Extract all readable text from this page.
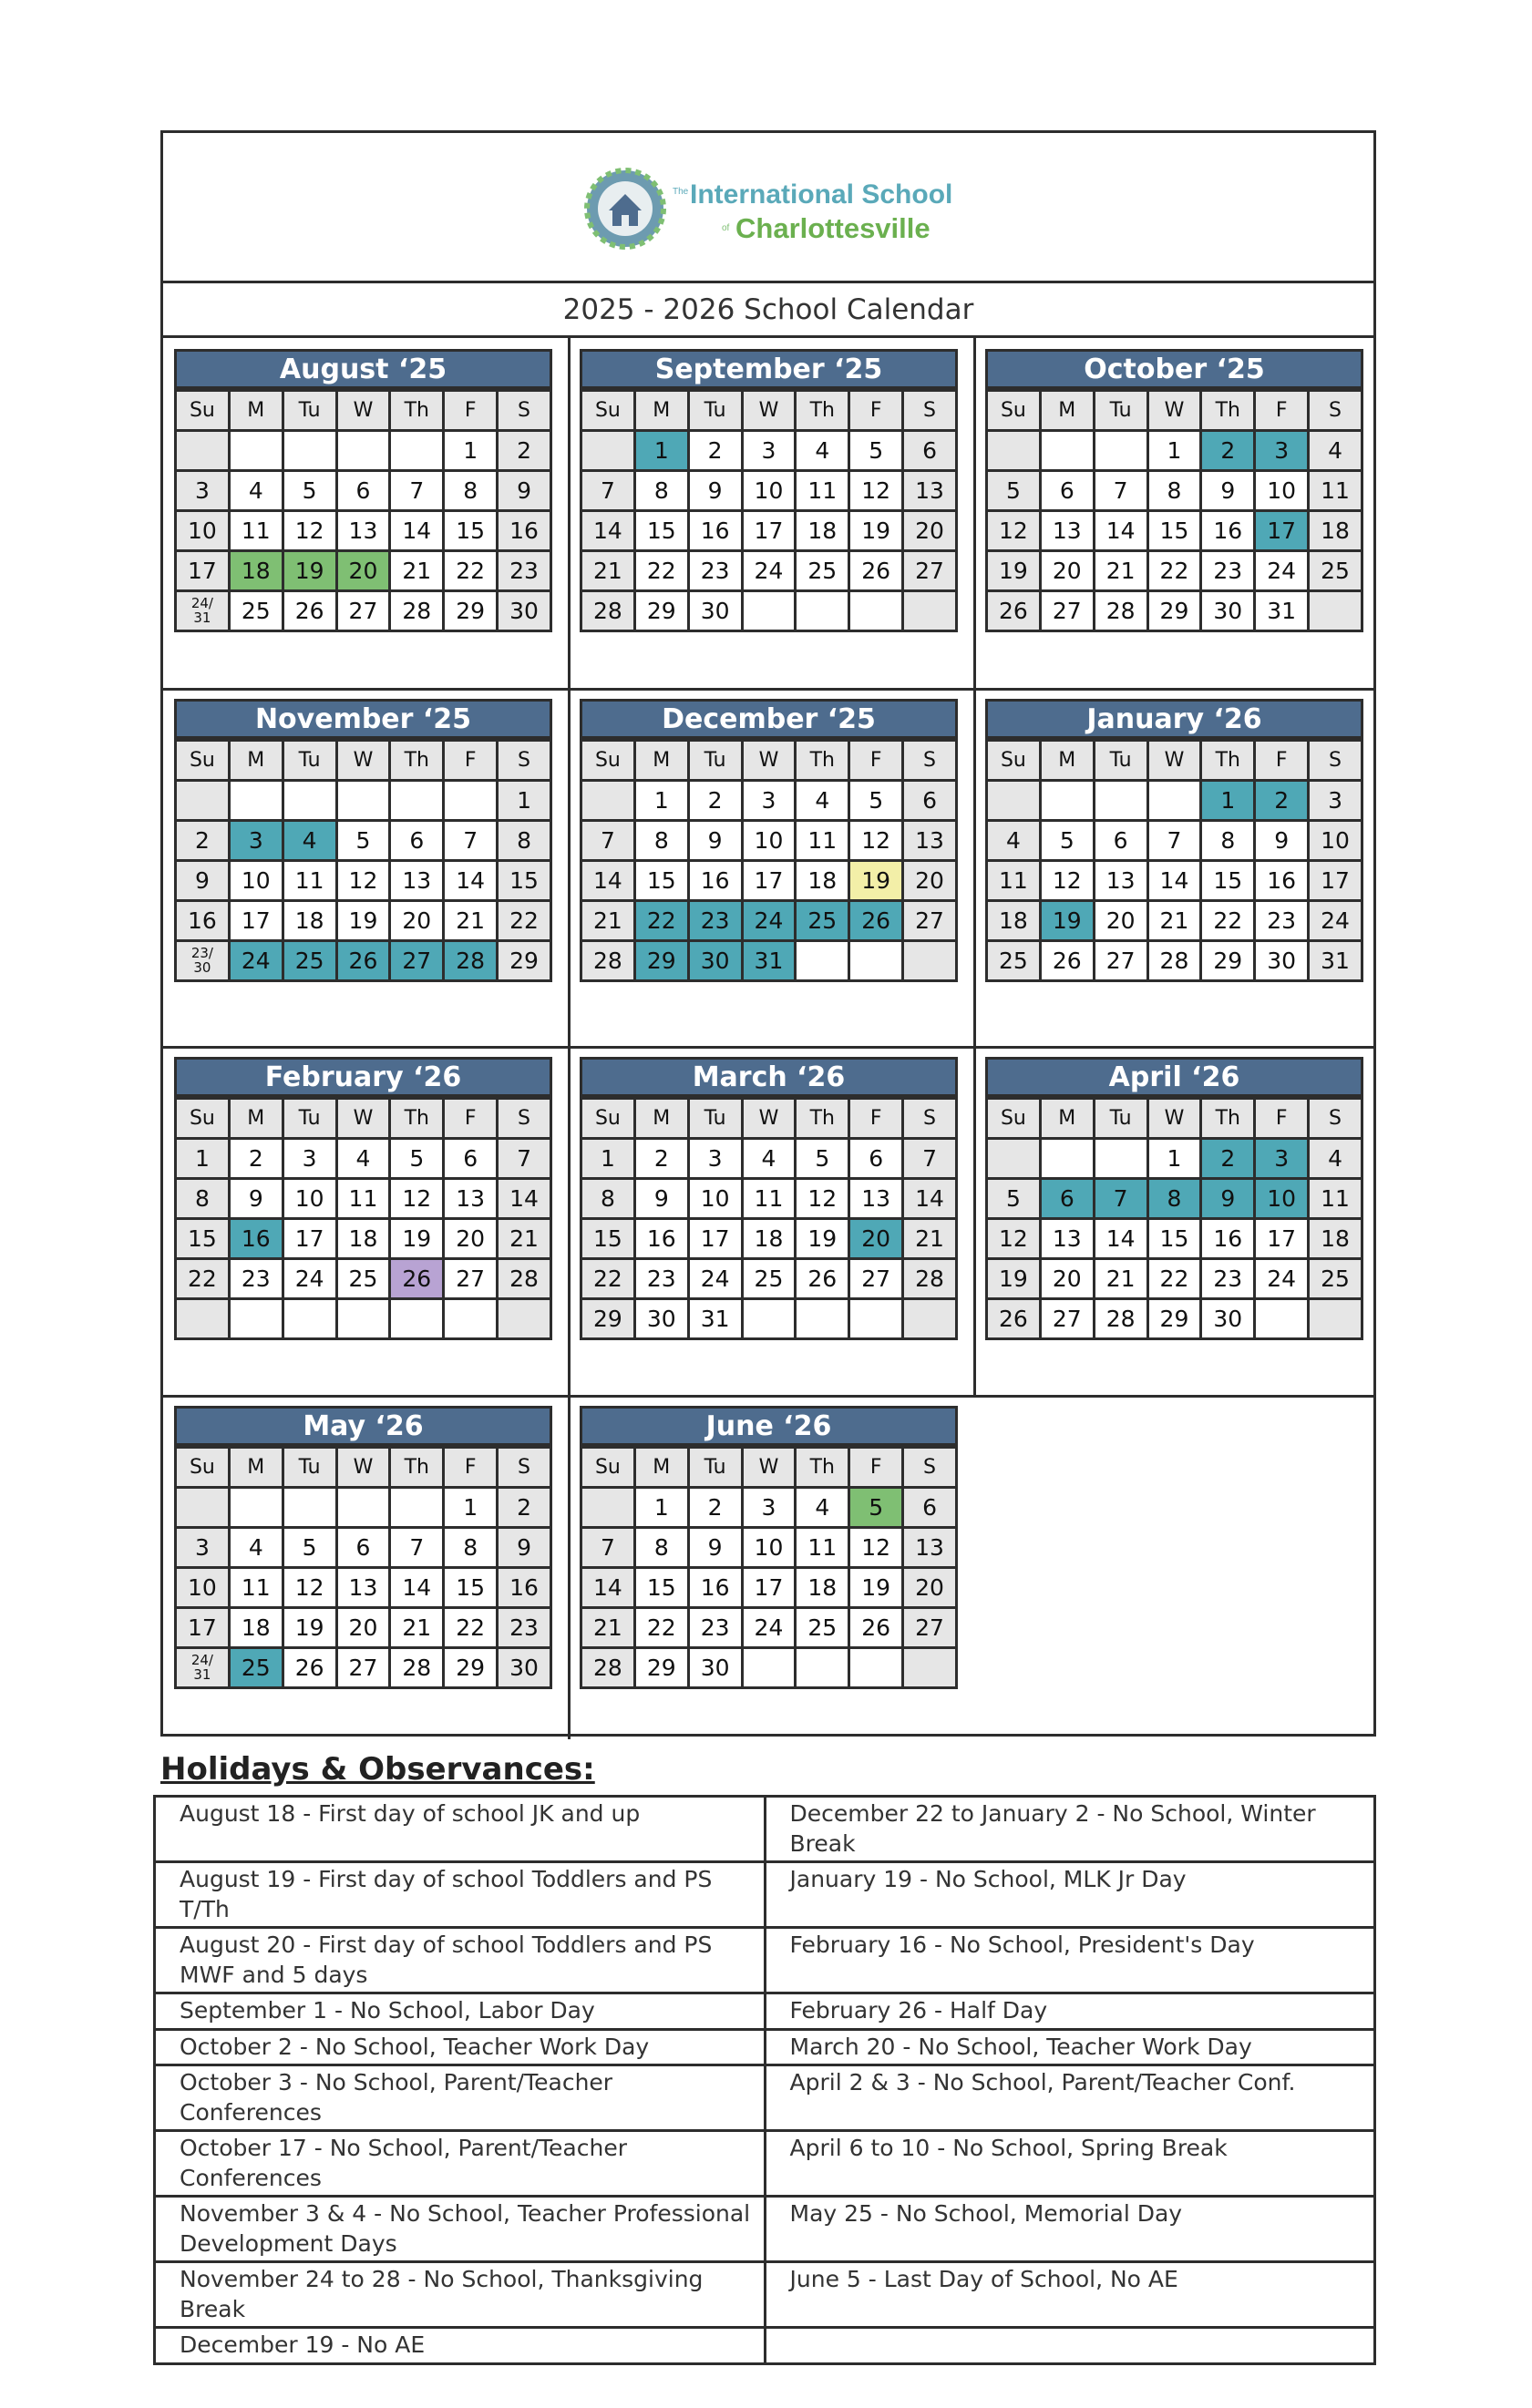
The International School
of Charlottesville
2025 - 2026 School Calendar
August ‘25
Su	M	Tu	W	Th	F	S
					1	2
3	4	5	6	7	8	9
10	11	12	13	14	15	16
17	18	19	20	21	22	23
24/
31	25	26	27	28	29	30
September ‘25
Su	M	Tu	W	Th	F	S
	1	2	3	4	5	6
7	8	9	10	11	12	13
14	15	16	17	18	19	20
21	22	23	24	25	26	27
28	29	30				
October ‘25
Su	M	Tu	W	Th	F	S
			1	2	3	4
5	6	7	8	9	10	11
12	13	14	15	16	17	18
19	20	21	22	23	24	25
26	27	28	29	30	31	
November ‘25
Su	M	Tu	W	Th	F	S
						1
2	3	4	5	6	7	8
9	10	11	12	13	14	15
16	17	18	19	20	21	22
23/
30	24	25	26	27	28	29
December ‘25
Su	M	Tu	W	Th	F	S
	1	2	3	4	5	6
7	8	9	10	11	12	13
14	15	16	17	18	19	20
21	22	23	24	25	26	27
28	29	30	31			
January ‘26
Su	M	Tu	W	Th	F	S
				1	2	3
4	5	6	7	8	9	10
11	12	13	14	15	16	17
18	19	20	21	22	23	24
25	26	27	28	29	30	31
February ‘26
Su	M	Tu	W	Th	F	S
1	2	3	4	5	6	7
8	9	10	11	12	13	14
15	16	17	18	19	20	21
22	23	24	25	26	27	28

March ‘26
Su	M	Tu	W	Th	F	S
1	2	3	4	5	6	7
8	9	10	11	12	13	14
15	16	17	18	19	20	21
22	23	24	25	26	27	28
29	30	31				
April ‘26
Su	M	Tu	W	Th	F	S
			1	2	3	4
5	6	7	8	9	10	11
12	13	14	15	16	17	18
19	20	21	22	23	24	25
26	27	28	29	30		
May ‘26
Su	M	Tu	W	Th	F	S
					1	2
3	4	5	6	7	8	9
10	11	12	13	14	15	16
17	18	19	20	21	22	23
24/
31	25	26	27	28	29	30
June ‘26
Su	M	Tu	W	Th	F	S
	1	2	3	4	5	6
7	8	9	10	11	12	13
14	15	16	17	18	19	20
21	22	23	24	25	26	27
28	29	30				
Holidays & Observances:
August 18 - First day of school JK and up	December 22 to January 2 - No School, Winter Break
August 19 - First day of school Toddlers and PS T/Th	January 19 - No School, MLK Jr Day
August 20 - First day of school Toddlers and PS MWF and 5 days	February 16 - No School, President's Day
September 1 - No School, Labor Day	February 26 - Half Day
October 2 - No School, Teacher Work Day	March 20 - No School, Teacher Work Day
October 3 - No School, Parent/Teacher Conferences	April 2 & 3 - No School, Parent/Teacher Conf.
October 17 - No School, Parent/Teacher Conferences	April 6 to 10 - No School, Spring Break
November 3 & 4 - No School, Teacher Professional Development Days	May 25 - No School, Memorial Day
November 24 to 28 - No School, Thanksgiving Break	June 5 - Last Day of School, No AE
December 19 - No AE	
